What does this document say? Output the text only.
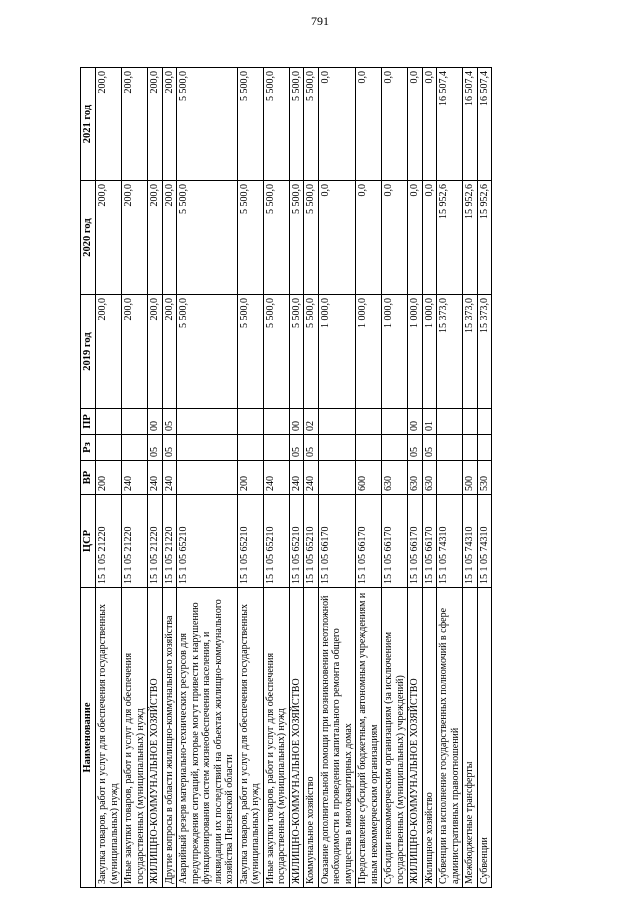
791
Наименование	ЦСР	ВР	Рз	ПР	2019 год	2020 год	2021 год
Закупка товаров, работ и услуг для обеспечения государственных (муниципальных) нужд	15 1 05 21220	200			200,0	200,0	200,0
Иные закупки товаров, работ и услуг для обеспечения государственных (муниципальных) нужд	15 1 05 21220	240			200,0	200,0	200,0
ЖИЛИЩНО-КОММУНАЛЬНОЕ ХОЗЯЙСТВО	15 1 05 21220	240	05	00	200,0	200,0	200,0
Другие вопросы в области жилищно-коммунального хозяйства	15 1 05 21220	240	05	05	200,0	200,0	200,0
Аварийный резерв материально-технических ресурсов для предупреждения ситуаций, которые могут привести к нарушению функционирования систем жизнеобеспечения населения, и ликвидации их последствий на объектах жилищно-коммунального хозяйства Пензенской области	15 1 05 65210				5 500,0	5 500,0	5 500,0
Закупка товаров, работ и услуг для обеспечения государственных (муниципальных) нужд	15 1 05 65210	200			5 500,0	5 500,0	5 500,0
Иные закупки товаров, работ и услуг для обеспечения государственных (муниципальных) нужд	15 1 05 65210	240			5 500,0	5 500,0	5 500,0
ЖИЛИЩНО-КОММУНАЛЬНОЕ ХОЗЯЙСТВО	15 1 05 65210	240	05	00	5 500,0	5 500,0	5 500,0
Коммунальное хозяйство	15 1 05 65210	240	05	02	5 500,0	5 500,0	5 500,0
Оказание дополнительной помощи при возникновении неотложной необходимости в проведении капитального ремонта общего имущества в многоквартирных домах	15 1 05 66170				1 000,0	0,0	0,0
Предоставление субсидий бюджетным, автономным учреждениям и иным некоммерческим организациям	15 1 05 66170	600			1 000,0	0,0	0,0
Субсидии некоммерческим организациям (за исключением государственных (муниципальных) учреждений)	15 1 05 66170	630			1 000,0	0,0	0,0
ЖИЛИЩНО-КОММУНАЛЬНОЕ ХОЗЯЙСТВО	15 1 05 66170	630	05	00	1 000,0	0,0	0,0
Жилищное хозяйство	15 1 05 66170	630	05	01	1 000,0	0,0	0,0
Субвенции на исполнение государственных полномочий в сфере административных правоотношений	15 1 05 74310				15 373,0	15 952,6	16 507,4
Межбюджетные трансферты	15 1 05 74310	500			15 373,0	15 952,6	16 507,4
Субвенции	15 1 05 74310	530			15 373,0	15 952,6	16 507,4
